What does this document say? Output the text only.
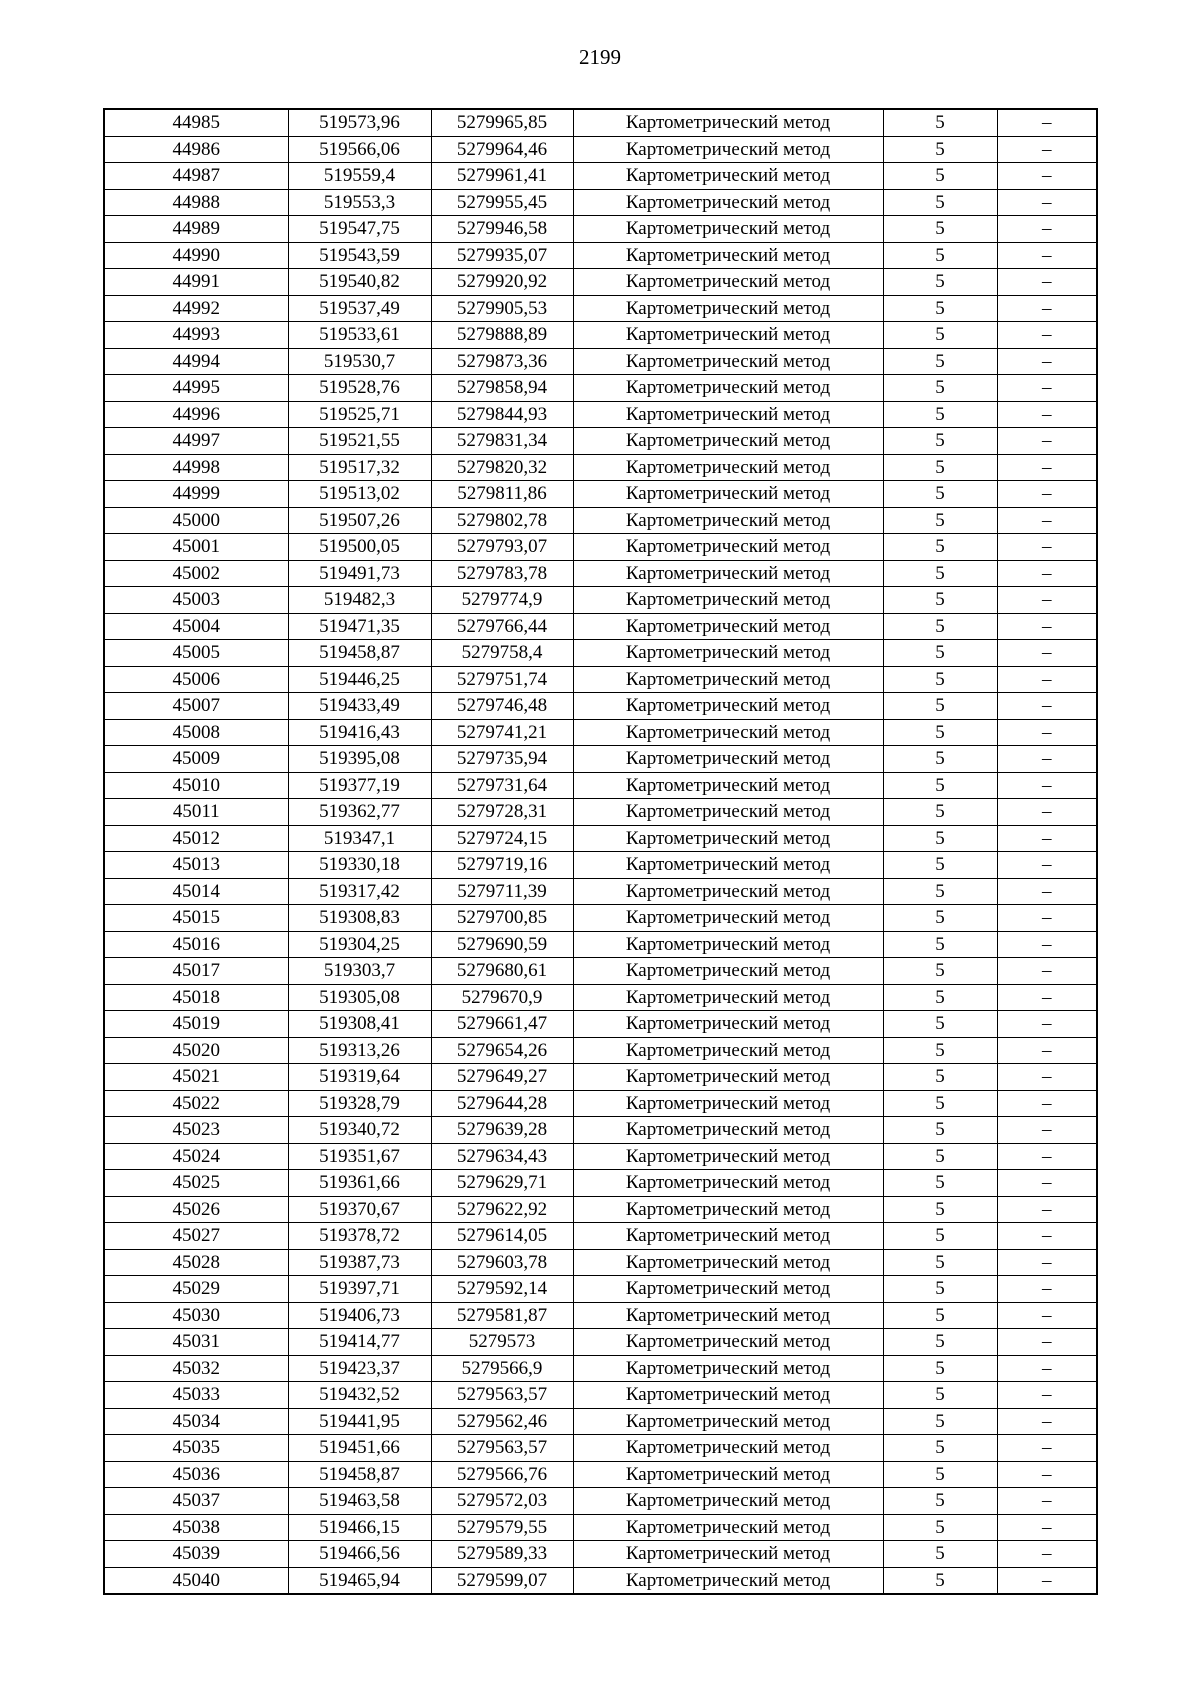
2199
44985	519573,96	5279965,85	Картометрический метод	5	–
44986	519566,06	5279964,46	Картометрический метод	5	–
44987	519559,4	5279961,41	Картометрический метод	5	–
44988	519553,3	5279955,45	Картометрический метод	5	–
44989	519547,75	5279946,58	Картометрический метод	5	–
44990	519543,59	5279935,07	Картометрический метод	5	–
44991	519540,82	5279920,92	Картометрический метод	5	–
44992	519537,49	5279905,53	Картометрический метод	5	–
44993	519533,61	5279888,89	Картометрический метод	5	–
44994	519530,7	5279873,36	Картометрический метод	5	–
44995	519528,76	5279858,94	Картометрический метод	5	–
44996	519525,71	5279844,93	Картометрический метод	5	–
44997	519521,55	5279831,34	Картометрический метод	5	–
44998	519517,32	5279820,32	Картометрический метод	5	–
44999	519513,02	5279811,86	Картометрический метод	5	–
45000	519507,26	5279802,78	Картометрический метод	5	–
45001	519500,05	5279793,07	Картометрический метод	5	–
45002	519491,73	5279783,78	Картометрический метод	5	–
45003	519482,3	5279774,9	Картометрический метод	5	–
45004	519471,35	5279766,44	Картометрический метод	5	–
45005	519458,87	5279758,4	Картометрический метод	5	–
45006	519446,25	5279751,74	Картометрический метод	5	–
45007	519433,49	5279746,48	Картометрический метод	5	–
45008	519416,43	5279741,21	Картометрический метод	5	–
45009	519395,08	5279735,94	Картометрический метод	5	–
45010	519377,19	5279731,64	Картометрический метод	5	–
45011	519362,77	5279728,31	Картометрический метод	5	–
45012	519347,1	5279724,15	Картометрический метод	5	–
45013	519330,18	5279719,16	Картометрический метод	5	–
45014	519317,42	5279711,39	Картометрический метод	5	–
45015	519308,83	5279700,85	Картометрический метод	5	–
45016	519304,25	5279690,59	Картометрический метод	5	–
45017	519303,7	5279680,61	Картометрический метод	5	–
45018	519305,08	5279670,9	Картометрический метод	5	–
45019	519308,41	5279661,47	Картометрический метод	5	–
45020	519313,26	5279654,26	Картометрический метод	5	–
45021	519319,64	5279649,27	Картометрический метод	5	–
45022	519328,79	5279644,28	Картометрический метод	5	–
45023	519340,72	5279639,28	Картометрический метод	5	–
45024	519351,67	5279634,43	Картометрический метод	5	–
45025	519361,66	5279629,71	Картометрический метод	5	–
45026	519370,67	5279622,92	Картометрический метод	5	–
45027	519378,72	5279614,05	Картометрический метод	5	–
45028	519387,73	5279603,78	Картометрический метод	5	–
45029	519397,71	5279592,14	Картометрический метод	5	–
45030	519406,73	5279581,87	Картометрический метод	5	–
45031	519414,77	5279573	Картометрический метод	5	–
45032	519423,37	5279566,9	Картометрический метод	5	–
45033	519432,52	5279563,57	Картометрический метод	5	–
45034	519441,95	5279562,46	Картометрический метод	5	–
45035	519451,66	5279563,57	Картометрический метод	5	–
45036	519458,87	5279566,76	Картометрический метод	5	–
45037	519463,58	5279572,03	Картометрический метод	5	–
45038	519466,15	5279579,55	Картометрический метод	5	–
45039	519466,56	5279589,33	Картометрический метод	5	–
45040	519465,94	5279599,07	Картометрический метод	5	–
